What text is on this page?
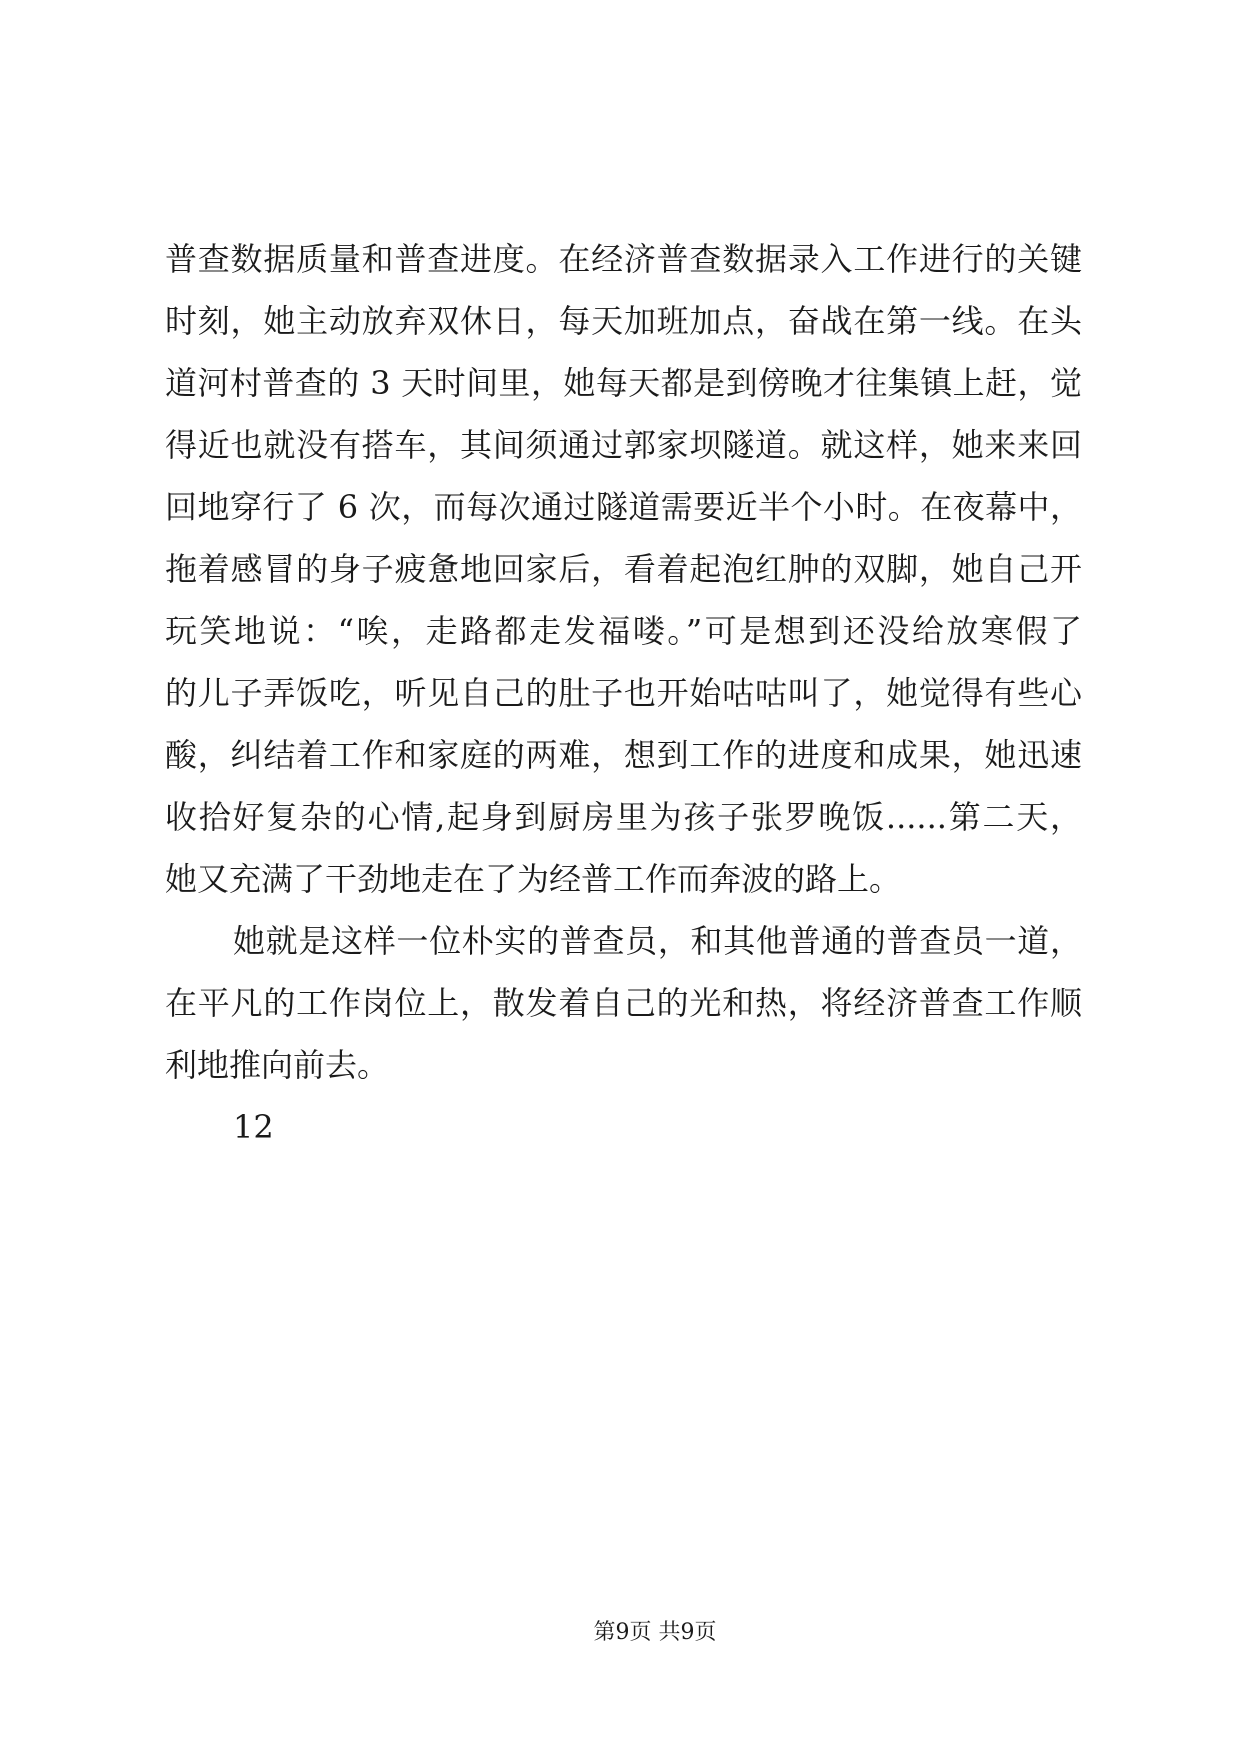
普查数据质量和普查进度。在经济普查数据录入工作进行的关键
时刻，她主动放弃双休日，每天加班加点，奋战在第一线。在头
道河村普查的 3 天时间里，她每天都是到傍晚才往集镇上赶，觉
得近也就没有搭车，其间须通过郭家坝隧道。就这样，她来来回
回地穿行了 6 次，而每次通过隧道需要近半个小时。在夜幕中，
拖着感冒的身子疲惫地回家后，看着起泡红肿的双脚，她自己开
玩笑地说：“唉，走路都走发福喽。”可是想到还没给放寒假了
的儿子弄饭吃，听见自己的肚子也开始咕咕叫了，她觉得有些心
酸，纠结着工作和家庭的两难，想到工作的进度和成果，她迅速
收拾好复杂的心情,起身到厨房里为孩子张罗晚饭......第二天，
她又充满了干劲地走在了为经普工作而奔波的路上。
她就是这样一位朴实的普查员，和其他普通的普查员一道，
在平凡的工作岗位上，散发着自己的光和热，将经济普查工作顺
利地推向前去。
12
第9页 共9页
